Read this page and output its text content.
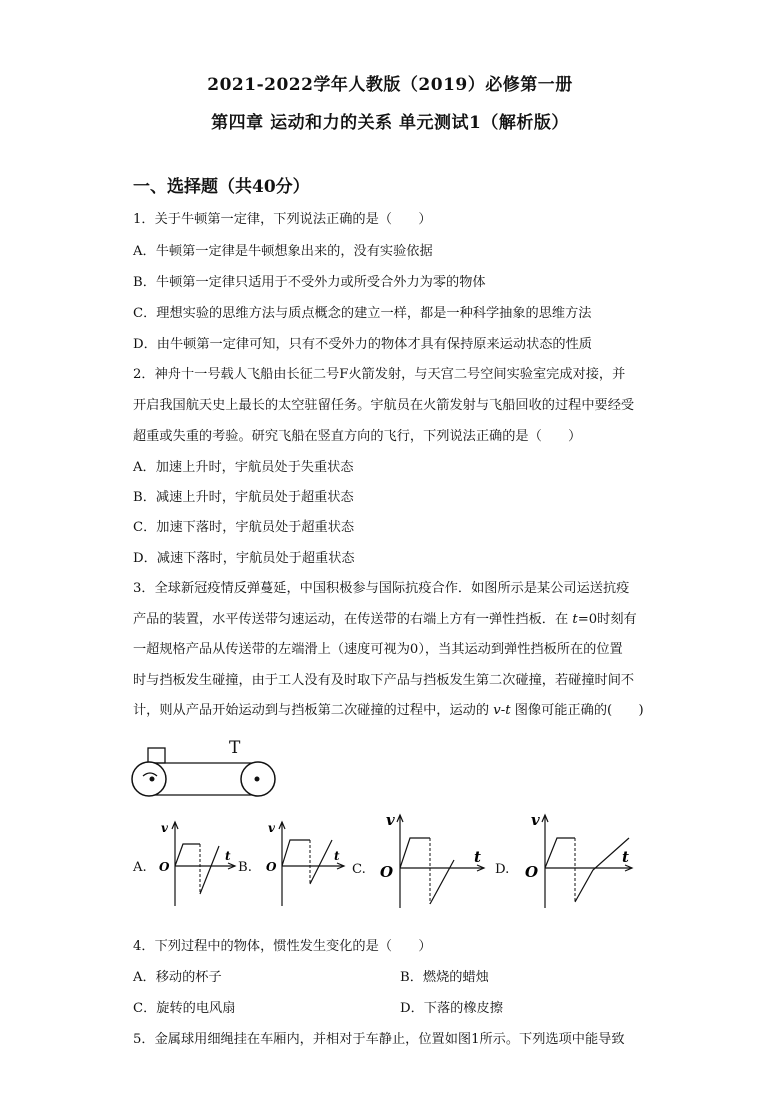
2021-2022学年人教版（2019）必修第一册
第四章 运动和力的关系 单元测试1（解析版）
一、选择题（共40分）
1．关于牛顿第一定律，下列说法正确的是（　　）
A．牛顿第一定律是牛顿想象出来的，没有实验依据
B．牛顿第一定律只适用于不受外力或所受合外力为零的物体
C．理想实验的思维方法与质点概念的建立一样，都是一种科学抽象的思维方法
D．由牛顿第一定律可知，只有不受外力的物体才具有保持原来运动状态的性质
2．神舟十一号载人飞船由长征二号F火箭发射，与天宫二号空间实验室完成对接，并
开启我国航天史上最长的太空驻留任务。宇航员在火箭发射与飞船回收的过程中要经受
超重或失重的考验。研究飞船在竖直方向的飞行，下列说法正确的是（　　）
A．加速上升时，宇航员处于失重状态
B．减速上升时，宇航员处于超重状态
C．加速下落时，宇航员处于超重状态
D．减速下落时，宇航员处于超重状态
3．全球新冠疫情反弹蔓延，中国积极参与国际抗疫合作．如图所示是某公司运送抗疫
产品的装置，水平传送带匀速运动，在传送带的右端上方有一弹性挡板．在 t=0时刻有
一超规格产品从传送带的左端滑上（速度可视为0），当其运动到弹性挡板所在的位置
时与挡板发生碰撞，由于工人没有及时取下产品与挡板发生第二次碰撞，若碰撞时间不
计，则从产品开始运动到与挡板第二次碰撞的过程中，运动的 v-t 图像可能正确的(　　)
T
A.
v
t
O	B.
v
t
O	C.
v
t
O	D.
v
t
O
4．下列过程中的物体，惯性发生变化的是（　　）
A．移动的杯子	B．燃烧的蜡烛
C．旋转的电风扇	D．下落的橡皮擦
5．金属球用细绳挂在车厢内，并相对于车静止，位置如图1所示。下列选项中能导致
